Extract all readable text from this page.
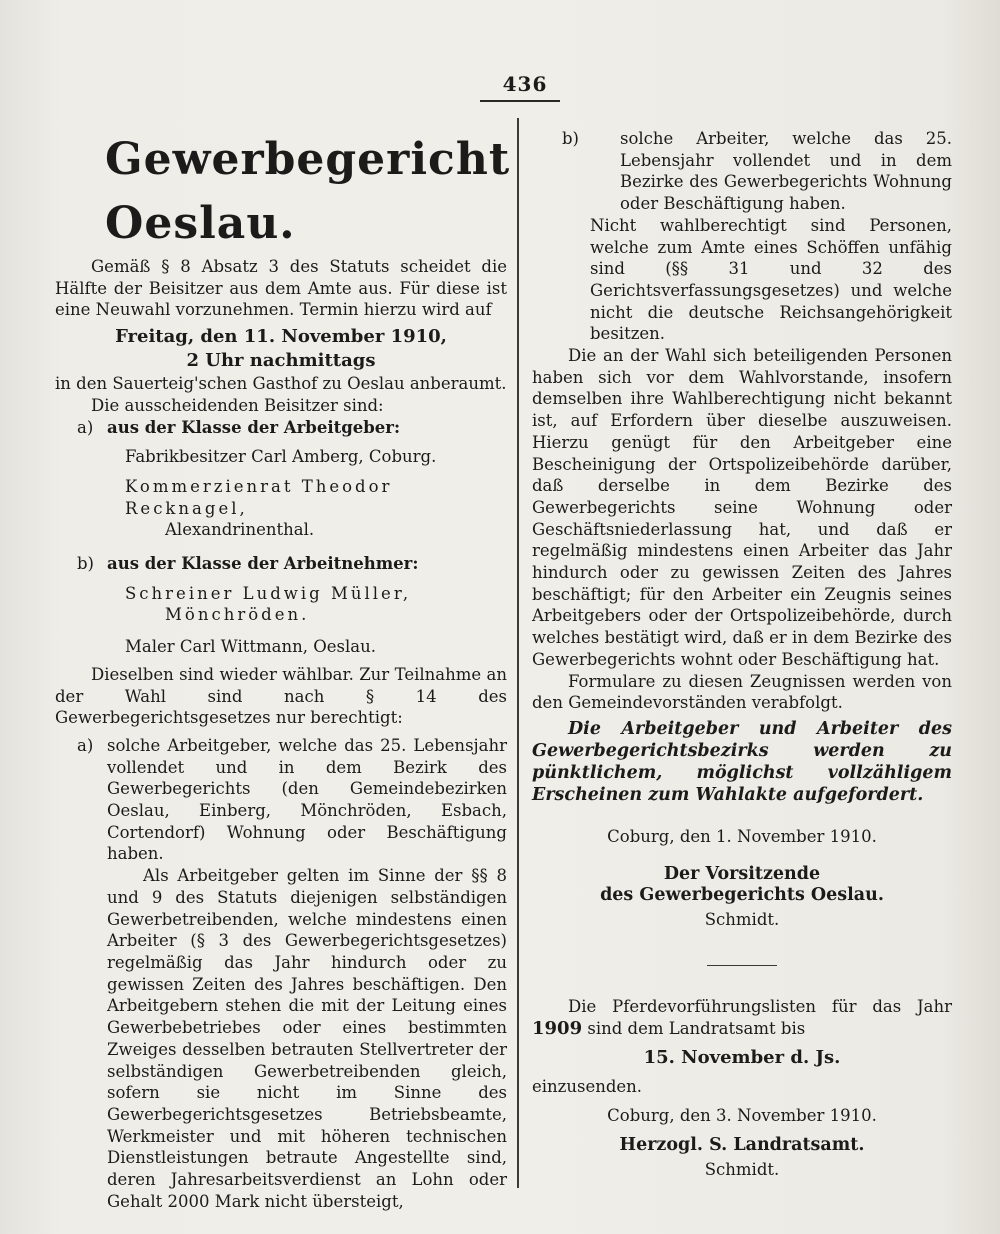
436

Gewerbegericht Oeslau.

Gemäß § 8 Absatz 3 des Statuts scheidet die Hälfte der Beisitzer aus dem Amte aus. Für diese ist eine Neuwahl vorzunehmen. Termin hierzu wird auf

Freitag, den 11. November 1910,

2 Uhr nachmittags

in den Sauerteig'schen Gasthof zu Oeslau anberaumt.

Die ausscheidenden Beisitzer sind:

a) aus der Klasse der Arbeitgeber:

Fabrikbesitzer Carl Amberg, Coburg.

Kommerzienrat Theodor Recknagel,

Alexandrinenthal.

b) aus der Klasse der Arbeitnehmer:

Schreiner Ludwig Müller,

Mönchröden.

Maler Carl Wittmann, Oeslau.

Dieselben sind wieder wählbar. Zur Teilnahme an der Wahl sind nach § 14 des Gewerbegerichtsgesetzes nur berechtigt:

a) solche Arbeitgeber, welche das 25. Lebensjahr vollendet und in dem Bezirk des Gewerbegerichts (den Gemeindebezirken Oeslau, Einberg, Mönchröden, Esbach, Cortendorf) Wohnung oder Beschäftigung haben.

Als Arbeitgeber gelten im Sinne der §§ 8 und 9 des Statuts diejenigen selbständigen Gewerbetreibenden, welche mindestens einen Arbeiter (§ 3 des Gewerbegerichtsgesetzes) regelmäßig das Jahr hindurch oder zu gewissen Zeiten des Jahres beschäftigen. Den Arbeitgebern stehen die mit der Leitung eines Gewerbebetriebes oder eines bestimmten Zweiges desselben betrauten Stellvertreter der selbständigen Gewerbetreibenden gleich, sofern sie nicht im Sinne des Gewerbegerichtsgesetzes Betriebsbeamte, Werkmeister und mit höheren technischen Dienstleistungen betraute Angestellte sind, deren Jahresarbeitsverdienst an Lohn oder Gehalt 2000 Mark nicht übersteigt,

b)	solche Arbeiter, welche das 25. Lebensjahr vollendet und in dem Bezirke des Gewerbegerichts Wohnung oder Beschäftigung haben.

Nicht wahlberechtigt sind Personen, welche zum Amte eines Schöffen unfähig sind (§§ 31 und 32 des Gerichtsverfassungsgesetzes) und welche nicht die deutsche Reichsangehörigkeit besitzen.

Die an der Wahl sich beteiligenden Personen haben sich vor dem Wahlvorstande, insofern demselben ihre Wahlberechtigung nicht bekannt ist, auf Erfordern über dieselbe auszuweisen. Hierzu genügt für den Arbeitgeber eine Bescheinigung der Ortspolizeibehörde darüber, daß derselbe in dem Bezirke des Gewerbegerichts seine Wohnung oder Geschäftsniederlassung hat, und daß er regelmäßig mindestens einen Arbeiter das Jahr hindurch oder zu gewissen Zeiten des Jahres beschäftigt; für den Arbeiter ein Zeugnis seines Arbeitgebers oder der Ortspolizeibehörde, durch welches bestätigt wird, daß er in dem Bezirke des Gewerbegerichts wohnt oder Beschäftigung hat.

Formulare zu diesen Zeugnissen werden von den Gemeindevorständen verabfolgt.

Die Arbeitgeber und Arbeiter des Gewerbegerichtsbezirks werden zu pünktlichem, möglichst vollzähligem Erscheinen zum Wahlakte aufgefordert.

Coburg, den 1. November 1910.

Der Vorsitzende

des Gewerbegerichts Oeslau.

Schmidt.

Die Pferdevorführungslisten für das Jahr 1909 sind dem Landratsamt bis

15. November d. Js.

einzusenden.

Coburg, den 3. November 1910.

Herzogl. S. Landratsamt.

Schmidt.
